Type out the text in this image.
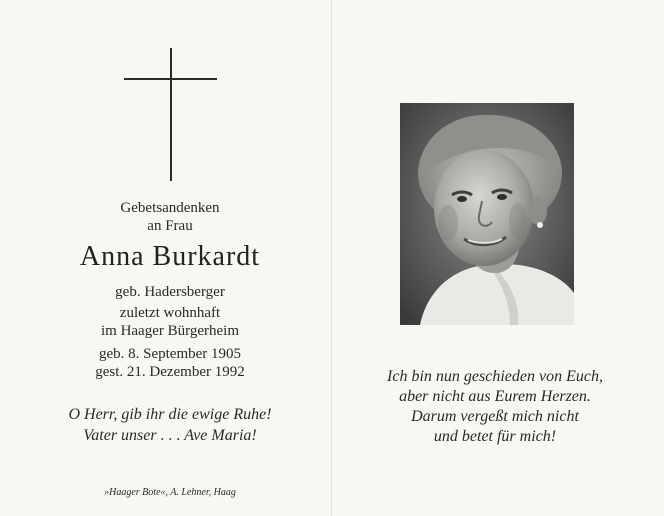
Gebetsandenken
an Frau
Anna Burkardt
geb. Hadersberger
zuletzt wohnhaft
im Haager Bürgerheim
geb. 8. September 1905
gest. 21. Dezember 1992
O Herr, gib ihr die ewige Ruhe!
Vater unser . . . Ave Maria!
»Haager Bote«, A. Lehner, Haag
Ich bin nun geschieden von Euch,
aber nicht aus Eurem Herzen.
Darum vergeßt mich nicht
und betet für mich!
